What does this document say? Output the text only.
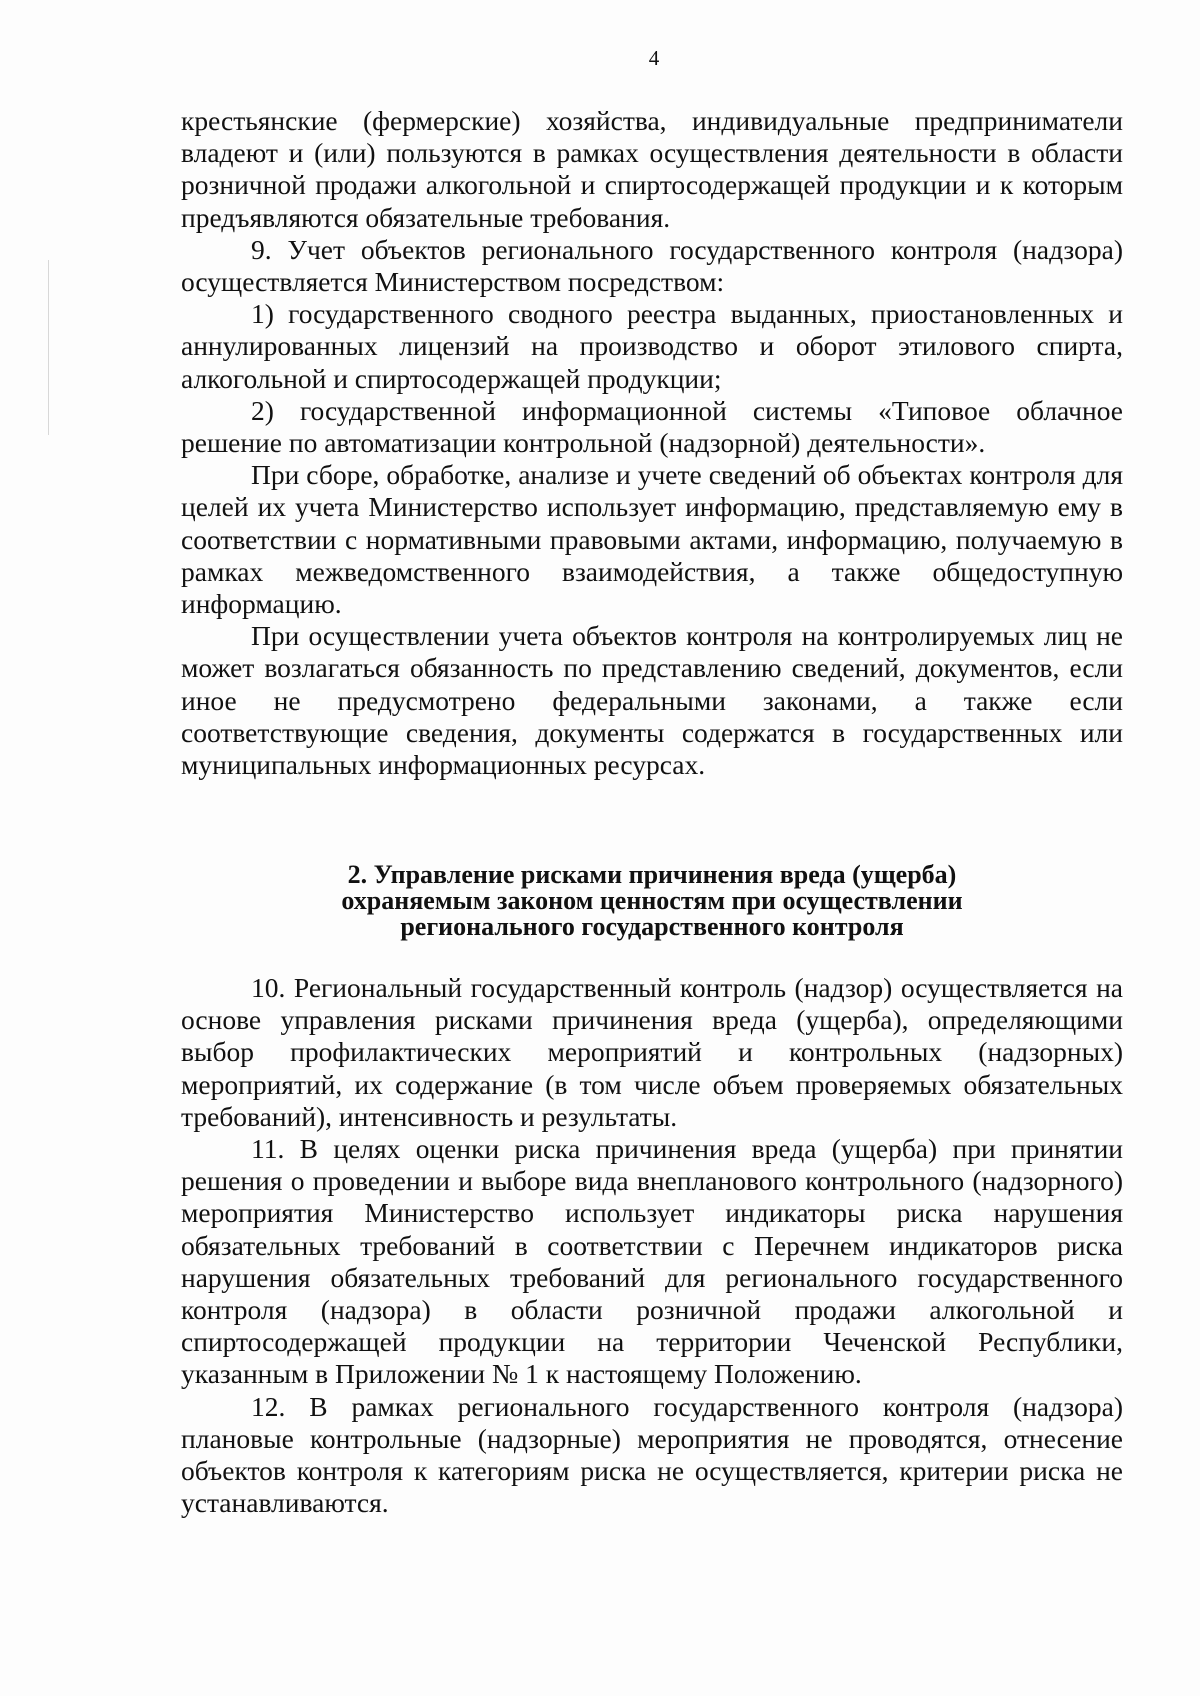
4

крестьянские (фермерские) хозяйства, индивидуальные предприниматели владеют и (или) пользуются в рамках осуществления деятельности в области розничной продажи алкогольной и спиртосодержащей продукции и к которым предъявляются обязательные требования.

9. Учет объектов регионального государственного контроля (надзора) осуществляется Министерством посредством:

1) государственного сводного реестра выданных, приостановленных и аннулированных лицензий на производство и оборот этилового спирта, алкогольной и спиртосодержащей продукции;

2) государственной информационной системы «Типовое облачное решение по автоматизации контрольной (надзорной) деятельности».

При сборе, обработке, анализе и учете сведений об объектах контроля для целей их учета Министерство использует информацию, представляемую ему в соответствии с нормативными правовыми актами, информацию, получаемую в рамках межведомственного взаимодействия, а также общедоступную информацию.

При осуществлении учета объектов контроля на контролируемых лиц не может возлагаться обязанность по представлению сведений, документов, если иное не предусмотрено федеральными законами, а также если соответствующие сведения, документы содержатся в государственных или муниципальных информационных ресурсах.

2. Управление рисками причинения вреда (ущерба)
охраняемым законом ценностям при осуществлении
регионального государственного контроля

10. Региональный государственный контроль (надзор) осуществляется на основе управления рисками причинения вреда (ущерба), определяющими выбор профилактических мероприятий и контрольных (надзорных) мероприятий, их содержание (в том числе объем проверяемых обязательных требований), интенсивность и результаты.

11. В целях оценки риска причинения вреда (ущерба) при принятии решения о проведении и выборе вида внепланового контрольного (надзорного) мероприятия Министерство использует индикаторы риска нарушения обязательных требований в соответствии с Перечнем индикаторов риска нарушения обязательных требований для регионального государственного контроля (надзора) в области розничной продажи алкогольной и спиртосодержащей продукции на территории Чеченской Республики, указанным в Приложении № 1 к настоящему Положению.

12. В рамках регионального государственного контроля (надзора) плановые контрольные (надзорные) мероприятия не проводятся, отнесение объектов контроля к категориям риска не осуществляется, критерии риска не устанавливаются.
